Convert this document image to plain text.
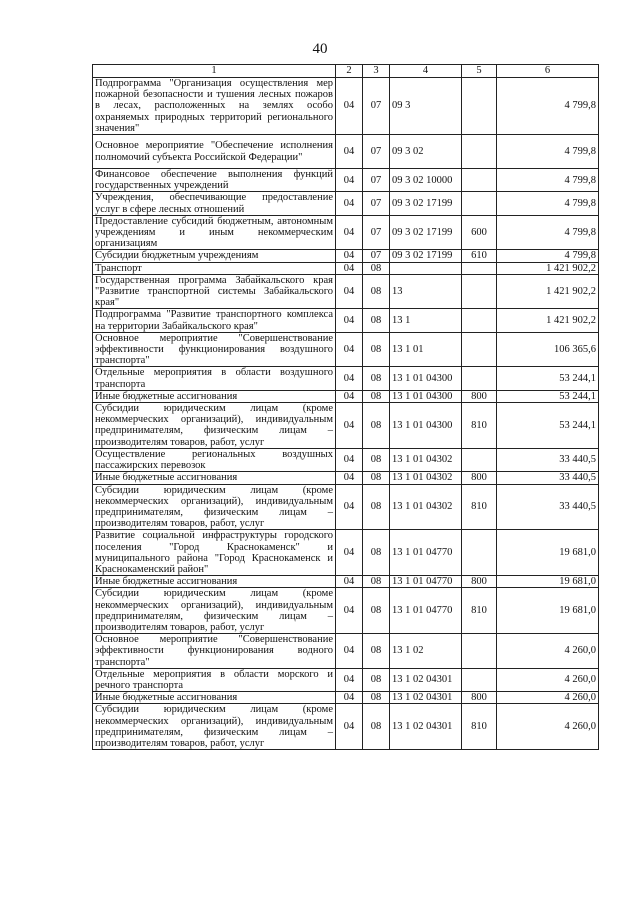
40
1	2	3	4	5	6
Подпрограмма "Организация осуществления мер пожарной безопасности и тушения лесных пожаров в лесах, расположенных на землях особо охраняемых природных территорий регионального значения"	04	07	09 3		4 799,8
Основное мероприятие "Обеспечение исполнения полномочий субъекта Российской Федерации"	04	07	09 3 02		4 799,8
Финансовое обеспечение выполнения функций государственных учреждений	04	07	09 3 02 10000		4 799,8
Учреждения, обеспечивающие предоставление услуг в сфере лесных отношений	04	07	09 3 02 17199		4 799,8
Предоставление субсидий бюджетным, автономным учреждениям и иным некоммерческим организациям	04	07	09 3 02 17199	600	4 799,8
Субсидии бюджетным учреждениям	04	07	09 3 02 17199	610	4 799,8
Транспорт	04	08			1 421 902,2
Государственная программа Забайкальского края "Развитие транспортной системы Забайкальского края"	04	08	13		1 421 902,2
Подпрограмма "Развитие транспортного комплекса на территории Забайкальского края"	04	08	13 1		1 421 902,2
Основное мероприятие "Совершенствование эффективности функционирования воздушного транспорта"	04	08	13 1 01		106 365,6
Отдельные мероприятия в области воздушного транспорта	04	08	13 1 01 04300		53 244,1
Иные бюджетные ассигнования	04	08	13 1 01 04300	800	53 244,1
Субсидии юридическим лицам (кроме некоммерческих организаций), индивидуальным предпринимателям, физическим лицам – производителям товаров, работ, услуг	04	08	13 1 01 04300	810	53 244,1
Осуществление региональных воздушных пассажирских перевозок	04	08	13 1 01 04302		33 440,5
Иные бюджетные ассигнования	04	08	13 1 01 04302	800	33 440,5
Субсидии юридическим лицам (кроме некоммерческих организаций), индивидуальным предпринимателям, физическим лицам – производителям товаров, работ, услуг	04	08	13 1 01 04302	810	33 440,5
Развитие социальной инфраструктуры городского поселения "Город Краснокаменск" и муниципального района "Город Краснокаменск и Краснокаменский район"	04	08	13 1 01 04770		19 681,0
Иные бюджетные ассигнования	04	08	13 1 01 04770	800	19 681,0
Субсидии юридическим лицам (кроме некоммерческих организаций), индивидуальным предпринимателям, физическим лицам – производителям товаров, работ, услуг	04	08	13 1 01 04770	810	19 681,0
Основное мероприятие "Совершенствование эффективности функционирования водного транспорта"	04	08	13 1 02		4 260,0
Отдельные мероприятия в области морского и речного транспорта	04	08	13 1 02 04301		4 260,0
Иные бюджетные ассигнования	04	08	13 1 02 04301	800	4 260,0
Субсидии юридическим лицам (кроме некоммерческих организаций), индивидуальным предпринимателям, физическим лицам – производителям товаров, работ, услуг	04	08	13 1 02 04301	810	4 260,0
